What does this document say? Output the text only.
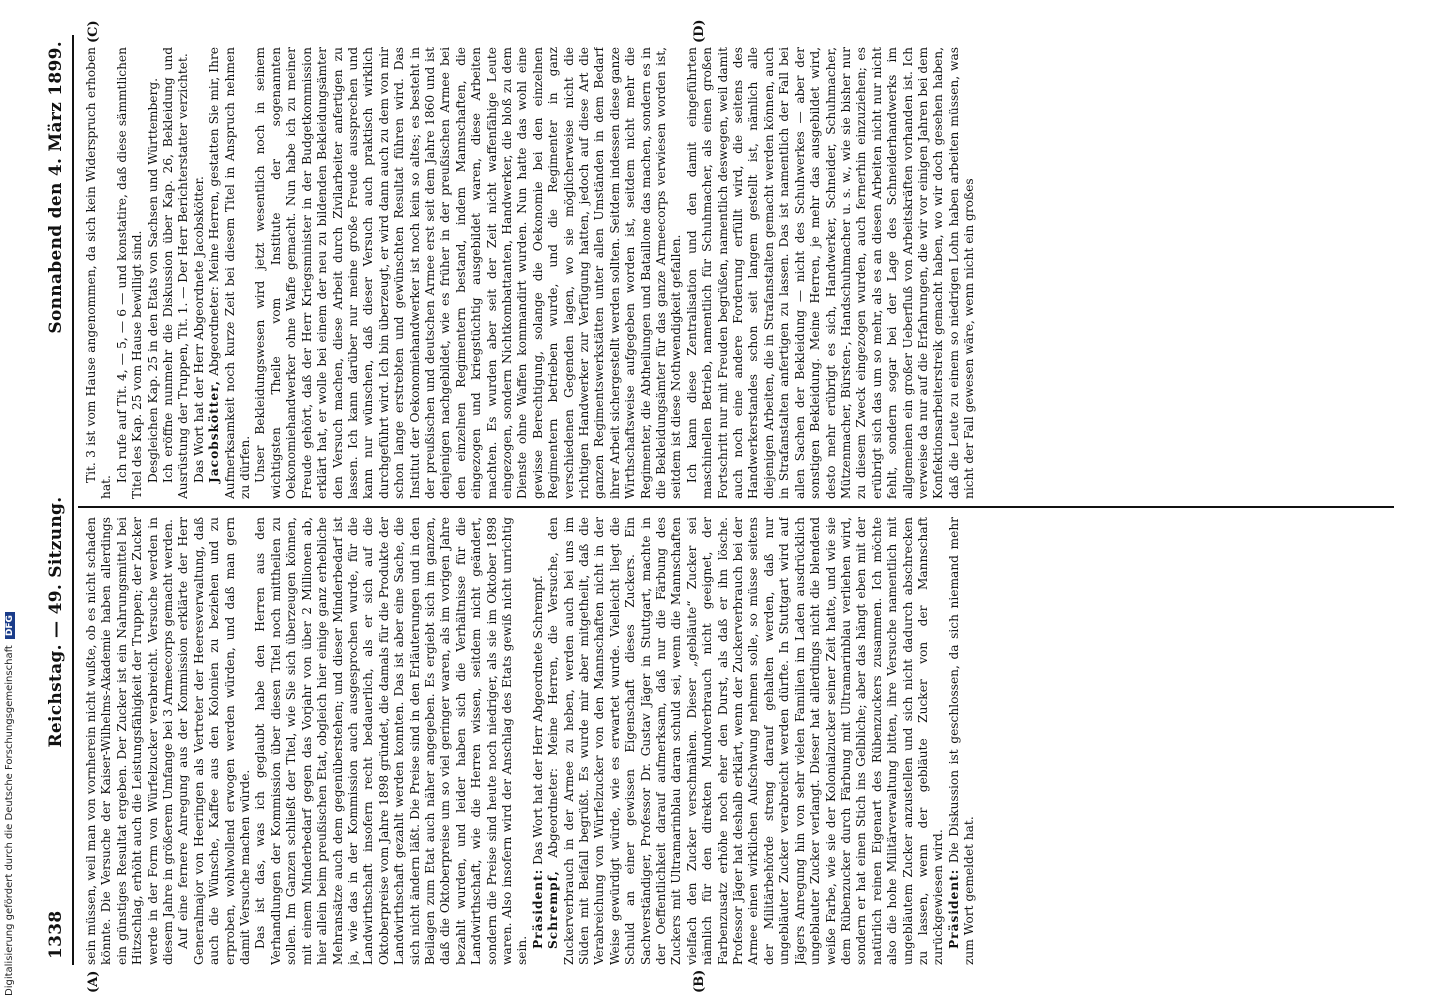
1338
Reichstag. — 49. Sitzung.
Sonnabend den 4. März 1899.
(A)	(B)
(C)	(D)

sein müssen, weil man von vornherein nicht wußte, ob es nicht schaden könnte. Die Versuche der Kaiser-Wilhelms-Akademie haben allerdings ein günstiges Resultat ergeben. Der Zucker ist ein Nahrungsmittel bei Hitzschlag, erhöht auch die Leistungsfähigkeit der Truppen; der Zucker werde in der Form von Würfelzucker verabreicht. Versuche werden in diesem Jahre in größerem Umfange bei 3 Armeecorps gemacht werden. Auf eine fernere Anregung aus der Kommission erklärte der Herr Generalmajor von Heeringen als Vertreter der Heeresverwaltung, daß auch die Wünsche, Kaffee aus den Kolonien zu beziehen und zu erproben, wohlwollend erwogen werden würden, und daß man gern damit Versuche machen würde. Das ist das, was ich geglaubt habe den Herren aus den Verhandlungen der Kommission über diesen Titel noch mittheilen zu sollen. Im Ganzen schließt der Titel, wie Sie sich überzeugen können, mit einem Minderbedarf gegen das Vorjahr von über 2 Millionen ab, hier allein beim preußischen Etat, obgleich hier einige ganz erhebliche Mehransätze auch dem gegenüberstehen; und dieser Minderbedarf ist ja, wie das in der Kommission auch ausgesprochen wurde, für die Landwirthschaft insofern recht bedauerlich, als er sich auf die Oktoberpreise vom Jahre 1898 gründet, die damals für die Produkte der Landwirthschaft gezahlt werden konnten. Das ist aber eine Sache, die sich nicht ändern läßt. Die Preise sind in den Erläuterungen und in den Beilagen zum Etat auch näher angegeben. Es ergiebt sich im ganzen, daß die Oktoberpreise um so viel geringer waren, als im vorigen Jahre bezahlt wurden, und leider haben sich die Verhältnisse für die Landwirthschaft, wie die Herren wissen, seitdem nicht geändert, sondern die Preise sind heute noch niedriger, als sie im Oktober 1898 waren. Also insofern wird der Anschlag des Etats gewiß nicht unrichtig sein.

Präsident: Das Wort hat der Herr Abgeordnete Schrempf.

Schrempf, Abgeordneter: Meine Herren, die Versuche, den Zuckerverbrauch in der Armee zu heben, werden auch bei uns im Süden mit Beifall begrüßt. Es wurde mir aber mitgetheilt, daß die Verabreichung von Würfelzucker von den Mannschaften nicht in der Weise gewürdigt würde, wie es erwartet wurde. Vielleicht liegt die Schuld an einer gewissen Eigenschaft dieses Zuckers. Ein Sachverständiger, Professor Dr. Gustav Jäger in Stuttgart, machte in der Oeffentlichkeit darauf aufmerksam, daß nur die Färbung des Zuckers mit Ultramarinblau daran schuld sei, wenn die Mannschaften vielfach den Zucker verschmähen. Dieser „gebläute“ Zucker sei nämlich für den direkten Mundverbrauch nicht geeignet, der Farbenzusatz erhöhe noch eher den Durst, als daß er ihn lösche. Professor Jäger hat deshalb erklärt, wenn der Zuckerverbrauch bei der Armee einen wirklichen Aufschwung nehmen solle, so müsse seitens der Militärbehörde streng darauf gehalten werden, daß nur ungebläuter Zucker verabreicht werden dürfte. In Stuttgart wird auf Jägers Anregung hin von sehr vielen Familien im Laden ausdrücklich ungeblauter Zucker verlangt. Dieser hat allerdings nicht die blendend weiße Farbe, wie sie der Kolonialzucker seiner Zeit hatte, und wie sie dem Rübenzucker durch Färbung mit Ultramarinblau verliehen wird, sondern er hat einen Stich ins Gelbliche; aber das hängt eben mit der natürlich reinen Eigenart des Rübenzuckers zusammen. Ich möchte also die hohe Militärverwaltung bitten, ihre Versuche namentlich mit ungebläutem Zucker anzustellen und sich nicht dadurch abschrecken zu lassen, wenn der gebläute Zucker von der Mannschaft zurückgewiesen wird. Präsident: Die Diskussion ist geschlossen, da sich niemand mehr zum Wort gemeldet hat.

Tit. 3 ist vom Hause angenommen, da sich kein Widerspruch erhoben hat.

Ich rufe auf Tit. 4, — 5, — 6 — und konstatire, daß diese sämmtlichen Titel des Kap. 25 vom Hause bewilligt sind. Desgleichen Kap. 25 in den Etats von Sachsen und Württemberg. Ich eröffne nunmehr die Diskussion über Kap. 26, Bekleidung und Ausrüstung der Truppen, Tit. 1. — Der Herr Berichterstatter verzichtet. Das Wort hat der Herr Abgeordnete Jacobskötter. Jacobskötter, Abgeordneter: Meine Herren, gestatten Sie mir, Ihre Aufmerksamkeit noch kurze Zeit bei diesem Titel in Anspruch nehmen zu dürfen. Unser Bekleidungswesen wird jetzt wesentlich noch in seinem wichtigsten Theile vom Institute der sogenannten Oekonomiehandwerker ohne Waffe gemacht. Nun habe ich zu meiner Freude gehört, daß der Herr Kriegsminister in der Budgetkommission erklärt hat, er wolle bei einem der neu zu bildenden Bekleidungsämter den Versuch machen, diese Arbeit durch Zivilarbeiter anfertigen zu lassen. Ich kann darüber nur meine große Freude aussprechen und kann nur wünschen, daß dieser Versuch auch praktisch wirklich durchgeführt wird. Ich bin überzeugt, er wird dann auch zu dem von mir schon lange erstrebten und gewünschten Resultat führen wird. Das Institut der Oekonomiehandwerker ist noch kein so altes; es besteht in der preußischen und deutschen Armee erst seit dem Jahre 1860 und ist denjenigen nachgebildet, wie es früher in der preußischen Armee bei den einzelnen Regimentern bestand, indem Mannschaften, die eingezogen und kriegstüchtig ausgebildet waren, diese Arbeiten machten. Es wurden aber seit der Zeit nicht waffenfähige Leute eingezogen, sondern Nichtkombattanten, Handwerker, die bloß zu dem Dienste ohne Waffen kommandirt wurden. Nun hatte das wohl eine gewisse Berechtigung, solange die Oekonomie bei den einzelnen Regimentern betrieben wurde, und die Regimenter in ganz verschiedenen Gegenden lagen, wo sie möglicherweise nicht die richtigen Handwerker zur Verfügung hatten, jedoch auf diese Art die ganzen Regimentswerkstätten unter allen Umständen in dem Bedarf ihrer Arbeit sichergestellt werden sollten. Seitdem indessen diese ganze Wirthschaftsweise aufgegeben worden ist, seitdem nicht mehr die Regimenter, die Abtheilungen und Bataillone das machen, sondern es in die Bekleidungsämter für das ganze Armeecorps verwiesen worden ist, seitdem ist diese Nothwendigkeit gefallen. Ich kann diese Zentralisation und den damit eingeführten maschinellen Betrieb, namentlich für Schuhmacher, als einen großen Fortschritt nur mit Freuden begrüßen, namentlich deswegen, weil damit auch noch eine andere Forderung erfüllt wird, die seitens des Handwerkerstandes schon seit langem gestellt ist, nämlich alle diejenigen Arbeiten, die in Strafanstalten gemacht werden können, auch in Strafanstalten anfertigen zu lassen. Das ist namentlich der Fall bei allen Sachen der Bekleidung — nicht des Schuhwerkes — aber der sonstigen Bekleidung. Meine Herren, je mehr das ausgebildet wird, desto mehr erübrigt es sich, Handwerker, Schneider, Schuhmacher, Mützenmacher, Bürsten-, Handschuhmacher u. s. w., wie sie bisher nur zu diesem Zweck eingezogen wurden, auch fernerhin einzuziehen; es erübrigt sich das um so mehr, als es an diesen Arbeiten nicht nur nicht fehlt, sondern sogar bei der Lage des Schneiderhandwerks im allgemeinen ein großer Ueberfluß von Arbeitskräften vorhanden ist. Ich verweise da nur auf die Erfahrungen, die wir vor einigen Jahren bei dem Konfektionsarbeiterstreik gemacht haben, wo wir doch gesehen haben, daß die Leute zu einem so niedrigen Lohn haben arbeiten müssen, was nicht der Fall gewesen wäre, wenn nicht ein großes

Digitalisierung gefördert durch die Deutsche ForschungsgemeinschaftDFG
